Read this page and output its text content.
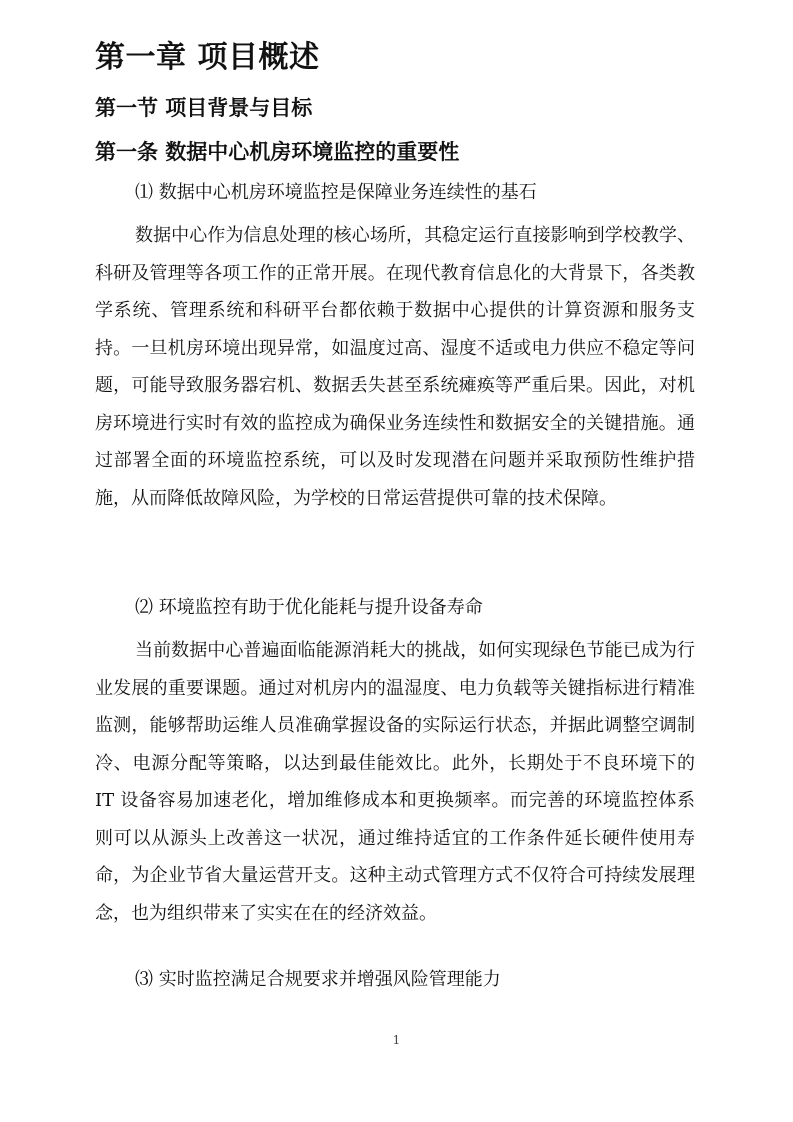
第一章 项目概述
第一节 项目背景与目标
第一条 数据中心机房环境监控的重要性
⑴ 数据中心机房环境监控是保障业务连续性的基石

数据中心作为信息处理的核心场所，其稳定运行直接影响到学校教学、科研及管理等各项工作的正常开展。在现代教育信息化的大背景下，各类教学系统、管理系统和科研平台都依赖于数据中心提供的计算资源和服务支持。一旦机房环境出现异常，如温度过高、湿度不适或电力供应不稳定等问题，可能导致服务器宕机、数据丢失甚至系统瘫痪等严重后果。因此，对机房环境进行实时有效的监控成为确保业务连续性和数据安全的关键措施。通过部署全面的环境监控系统，可以及时发现潜在问题并采取预防性维护措施，从而降低故障风险，为学校的日常运营提供可靠的技术保障。

⑵ 环境监控有助于优化能耗与提升设备寿命

当前数据中心普遍面临能源消耗大的挑战，如何实现绿色节能已成为行业发展的重要课题。通过对机房内的温湿度、电力负载等关键指标进行精准监测，能够帮助运维人员准确掌握设备的实际运行状态，并据此调整空调制冷、电源分配等策略，以达到最佳能效比。此外，长期处于不良环境下的 IT 设备容易加速老化，增加维修成本和更换频率。而完善的环境监控体系则可以从源头上改善这一状况，通过维持适宜的工作条件延长硬件使用寿命，为企业节省大量运营开支。这种主动式管理方式不仅符合可持续发展理念，也为组织带来了实实在在的经济效益。

⑶ 实时监控满足合规要求并增强风险管理能力
1
